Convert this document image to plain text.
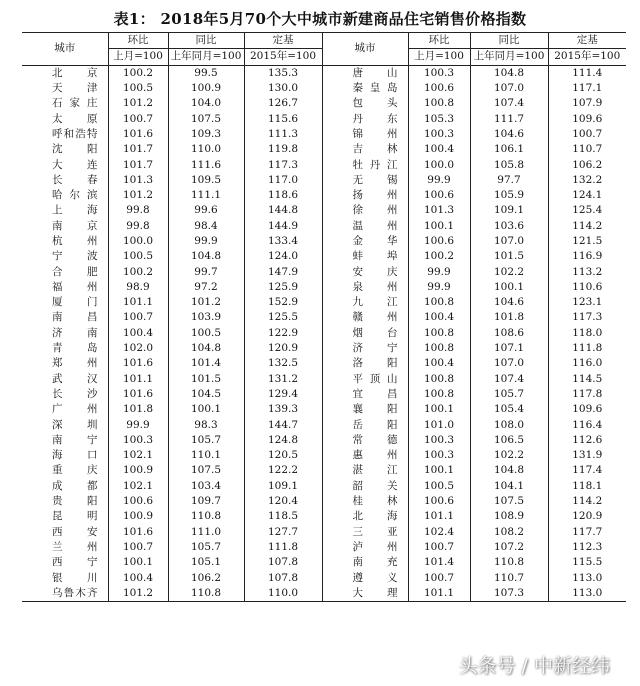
表1： 2018年5月70个大中城市新建商品住宅销售价格指数
城市	环比	同比	定基	城市	环比	同比	定基
	上月=100	上年同月=100	2015年=100		上月=100	上年同月=100	2015年=100
北　京	100.2	99.5	135.3	唐　山	100.3	104.8	111.4
天　津	100.5	100.9	130.0	秦皇岛	100.6	107.0	117.1
石家庄	101.2	104.0	126.7	包　头	100.8	107.4	107.9
太　原	100.7	107.5	115.6	丹　东	105.3	111.7	109.6
呼和浩特	101.6	109.3	111.3	锦　州	100.3	104.6	100.7
沈　阳	101.7	110.0	119.8	吉　林	100.4	106.1	110.7
大　连	101.7	111.6	117.3	牡丹江	100.0	105.8	106.2
长　春	101.3	109.5	117.0	无　锡	99.9	97.7	132.2
哈尔滨	101.2	111.1	118.6	扬　州	100.6	105.9	124.1
上　海	99.8	99.6	144.8	徐　州	101.3	109.1	125.4
南　京	99.8	98.4	144.9	温　州	100.1	103.6	114.2
杭　州	100.0	99.9	133.4	金　华	100.6	107.0	121.5
宁　波	100.5	104.8	124.0	蚌　埠	100.2	101.5	116.9
合　肥	100.2	99.7	147.9	安　庆	99.9	102.2	113.2
福　州	98.9	97.2	125.9	泉　州	99.9	100.1	110.6
厦　门	101.1	101.2	152.9	九　江	100.8	104.6	123.1
南　昌	100.7	103.9	125.5	赣　州	100.4	101.8	117.3
济　南	100.4	100.5	122.9	烟　台	100.8	108.6	118.0
青　岛	102.0	104.8	120.9	济　宁	100.8	107.1	111.8
郑　州	101.6	101.4	132.5	洛　阳	100.4	107.0	116.0
武　汉	101.1	101.5	131.2	平顶山	100.8	107.4	114.5
长　沙	101.6	104.5	129.4	宜　昌	100.8	105.7	117.8
广　州	101.8	100.1	139.3	襄　阳	100.1	105.4	109.6
深　圳	99.9	98.3	144.7	岳　阳	101.0	108.0	116.4
南　宁	100.3	105.7	124.8	常　德	100.3	106.5	112.6
海　口	102.1	110.1	120.5	惠　州	100.3	102.2	131.9
重　庆	100.9	107.5	122.2	湛　江	100.1	104.8	117.4
成　都	102.1	103.4	109.1	韶　关	100.5	104.1	118.1
贵　阳	100.6	109.7	120.4	桂　林	100.6	107.5	114.2
昆　明	100.9	110.8	118.5	北　海	101.1	108.9	120.9
西　安	101.6	111.0	127.7	三　亚	102.4	108.2	117.7
兰　州	100.7	105.7	111.8	泸　州	100.7	107.2	112.3
西　宁	100.1	105.1	107.8	南　充	101.4	110.8	115.5
银　川	100.4	106.2	107.8	遵　义	100.7	110.7	113.0
乌鲁木齐	101.2	110.8	110.0	大　理	101.1	107.3	113.0
头条号 / 中新经纬
